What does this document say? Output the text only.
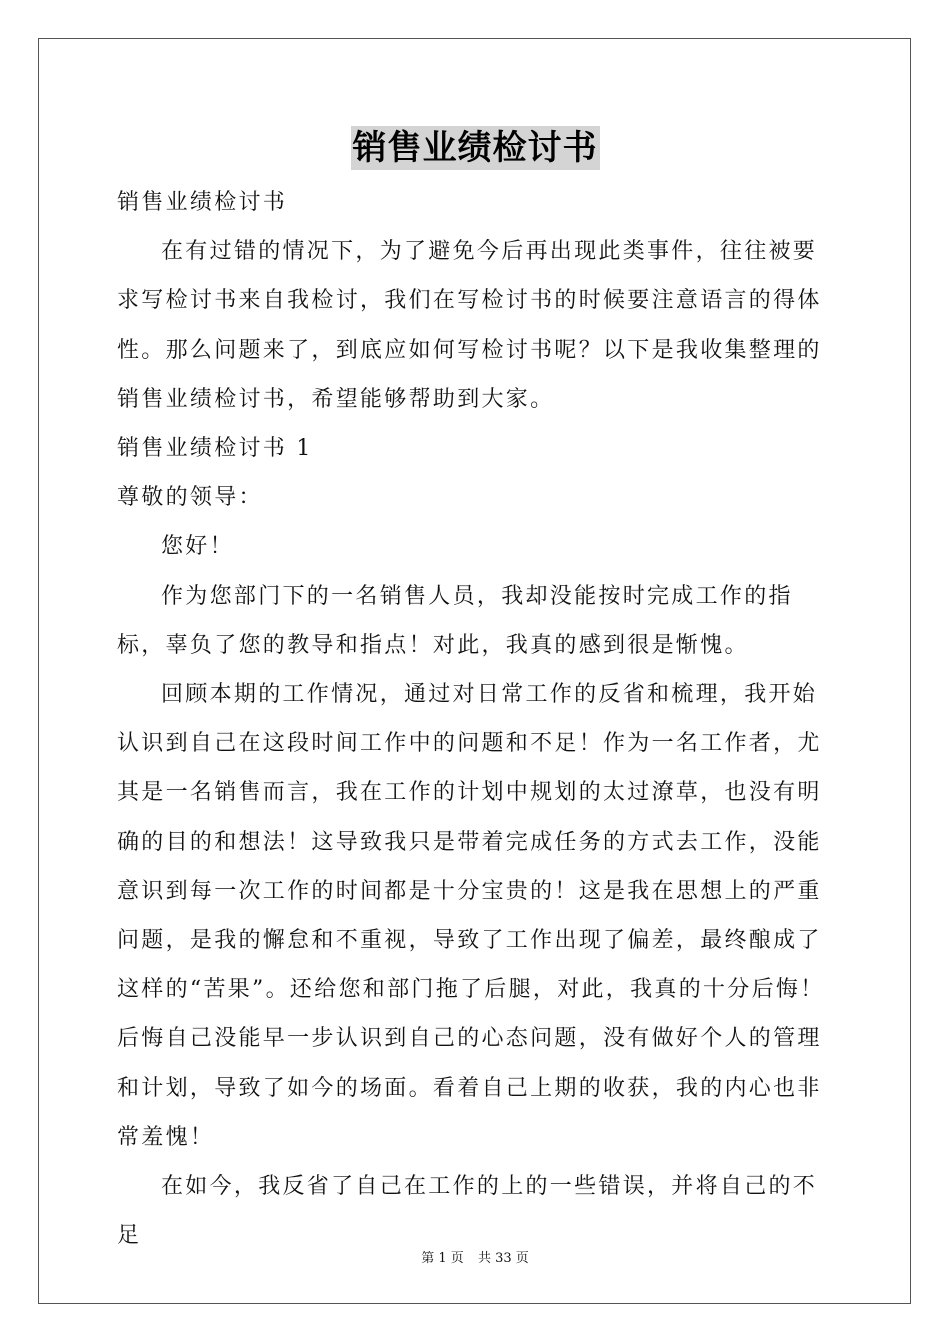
销售业绩检讨书

销售业绩检讨书

在有过错的情况下，为了避免今后再出现此类事件，往往被要求写检讨书来自我检讨，我们在写检讨书的时候要注意语言的得体性。那么问题来了，到底应如何写检讨书呢？以下是我收集整理的销售业绩检讨书，希望能够帮助到大家。

销售业绩检讨书 1

尊敬的领导：

您好！

作为您部门下的一名销售人员，我却没能按时完成工作的指标，辜负了您的教导和指点！对此，我真的感到很是惭愧。

回顾本期的工作情况，通过对日常工作的反省和梳理，我开始认识到自己在这段时间工作中的问题和不足！作为一名工作者，尤其是一名销售而言，我在工作的计划中规划的太过潦草，也没有明确的目的和想法！这导致我只是带着完成任务的方式去工作，没能意识到每一次工作的时间都是十分宝贵的！这是我在思想上的严重问题，是我的懈怠和不重视，导致了工作出现了偏差，最终酿成了这样的“苦果”。还给您和部门拖了后腿，对此，我真的十分后悔！后悔自己没能早一步认识到自己的心态问题，没有做好个人的管理和计划，导致了如今的场面。看着自己上期的收获，我的内心也非常羞愧！

在如今，我反省了自己在工作的上的一些错误，并将自己的不足

第 1 页 共 33 页
